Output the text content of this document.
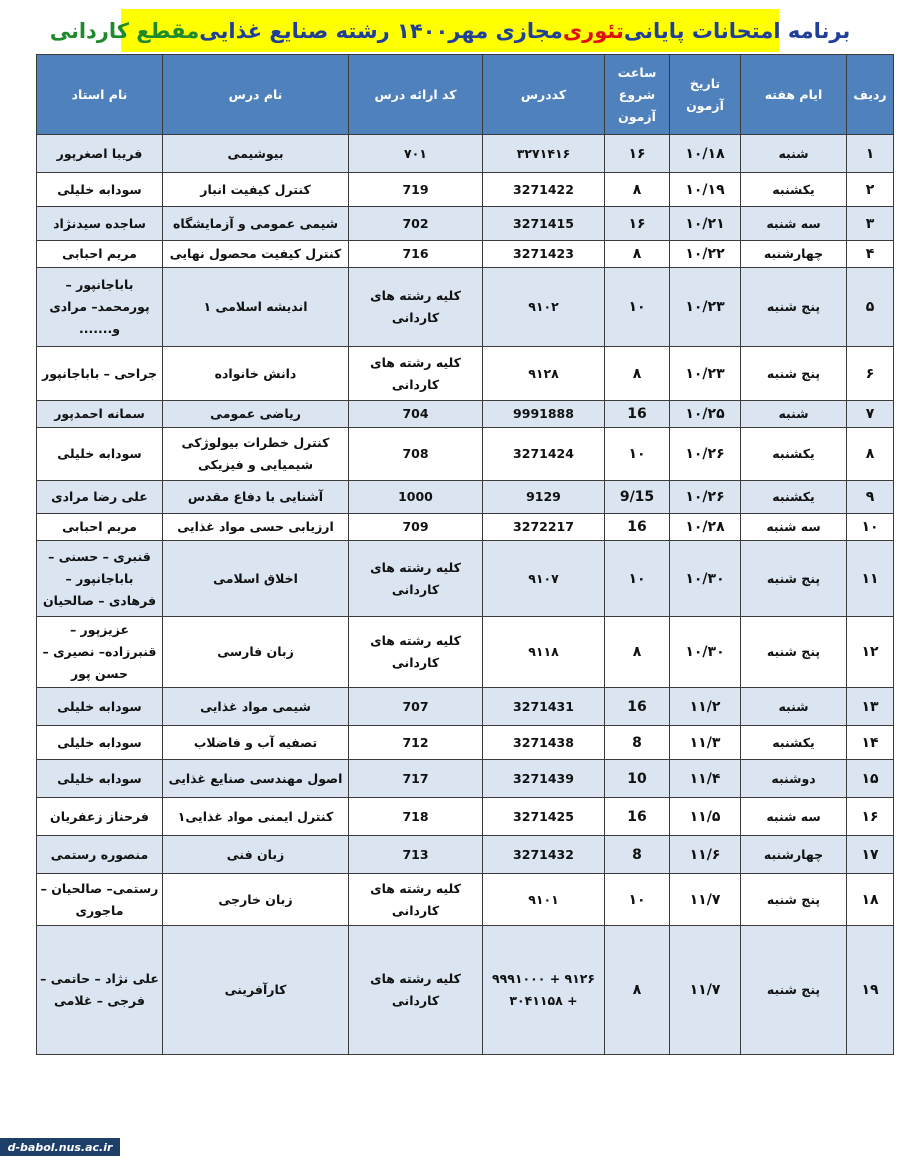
برنامه امتحانات پایانی
تئوری
مجازی مهر۱۴۰۰ رشته صنایع غذایی
مقطع کاردانی
ردیف	ایام هفته	تاریخ آزمون	ساعت شروع آزمون	کددرس	کد ارائه درس	نام درس	نام استاد
۱	شنبه	۱۰/۱۸	۱۶	۳۲۷۱۴۱۶	۷۰۱	بیوشیمی	فریبا اصغرپور
۲	یکشنبه	۱۰/۱۹	۸	3271422	719	کنترل کیفیت انبار	سودابه خلیلی
۳	سه شنبه	۱۰/۲۱	۱۶	3271415	702	شیمی عمومی و آزمایشگاه	ساجده سیدنژاد
۴	چهارشنبه	۱۰/۲۲	۸	3271423	716	کنترل کیفیت محصول نهایی	مریم احبابی
۵	پنج شنبه	۱۰/۲۳	۱۰	۹۱۰۲	کلیه رشته های کاردانی	اندیشه اسلامی ۱	باباجانپور – پورمحمد– مرادی و.......
۶	پنج شنبه	۱۰/۲۳	۸	۹۱۲۸	کلیه رشته های کاردانی	دانش خانواده	جراحی – باباجانپور
۷	شنبه	۱۰/۲۵	16	9991888	704	ریاضی عمومی	سمانه احمدپور
۸	یکشنبه	۱۰/۲۶	۱۰	3271424	708	کنترل خطرات بیولوژکی شیمیایی و فیزیکی	سودابه خلیلی
۹	یکشنبه	۱۰/۲۶	9/15	9129	1000	آشنایی با دفاع مقدس	علی رضا مرادی
۱۰	سه شنبه	۱۰/۲۸	16	3272217	709	ارزیابی حسی مواد غذایی	مریم احبابی
۱۱	پنج شنبه	۱۰/۳۰	۱۰	۹۱۰۷	کلیه رشته های کاردانی	اخلاق اسلامی	قنبری – حسنی – باباجانپور – فرهادی – صالحیان
۱۲	پنج شنبه	۱۰/۳۰	۸	۹۱۱۸	کلیه رشته های کاردانی	زبان فارسی	عزیزپور – قنبرزاده– نصیری – حسن پور
۱۳	شنبه	۱۱/۲	16	3271431	707	شیمی مواد غذایی	سودابه خلیلی
۱۴	یکشنبه	۱۱/۳	8	3271438	712	تصفیه آب و فاضلاب	سودابه خلیلی
۱۵	دوشنبه	۱۱/۴	10	3271439	717	اصول مهندسی صنایع غذایی	سودابه خلیلی
۱۶	سه شنبه	۱۱/۵	16	3271425	718	کنترل ایمنی مواد غذایی۱	فرحناز زعفریان
۱۷	چهارشنبه	۱۱/۶	8	3271432	713	زبان فنی	منصوره رستمی
۱۸	پنج شنبه	۱۱/۷	۱۰	۹۱۰۱	کلیه رشته های کاردانی	زبان خارجی	رستمی– صالحیان – ماجوری
۱۹	پنج شنبه	۱۱/۷	۸	۹۱۲۶ + ۹۹۹۱۰۰۰ + ۳۰۴۱۱۵۸	کلیه رشته های کاردانی	کارآفرینی	علی نژاد – حاتمی – فرجی – غلامی
d-babol.nus.ac.ir
